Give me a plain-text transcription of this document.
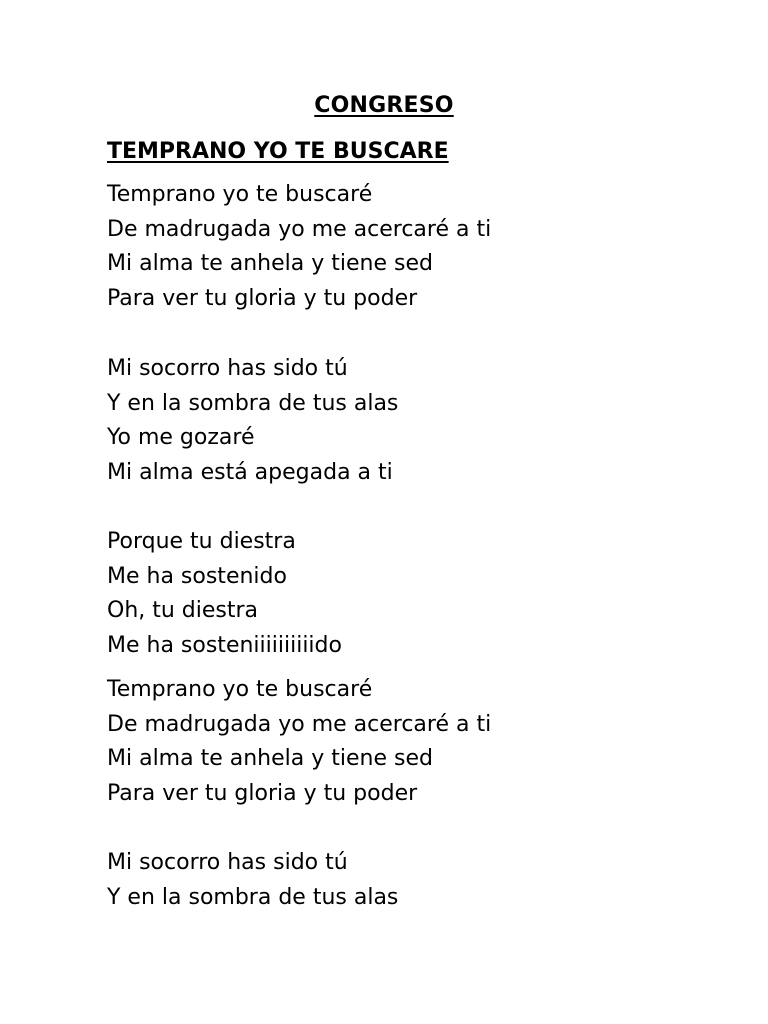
CONGRESO
TEMPRANO YO TE BUSCARE
Temprano yo te buscaré
De madrugada yo me acercaré a ti
Mi alma te anhela y tiene sed
Para ver tu gloria y tu poder
Mi socorro has sido tú
Y en la sombra de tus alas
Yo me gozaré
Mi alma está apegada a ti
Porque tu diestra
Me ha sostenido
Oh, tu diestra
Me ha sosteniiiiiiiiiido
Temprano yo te buscaré
De madrugada yo me acercaré a ti
Mi alma te anhela y tiene sed
Para ver tu gloria y tu poder
Mi socorro has sido tú
Y en la sombra de tus alas
